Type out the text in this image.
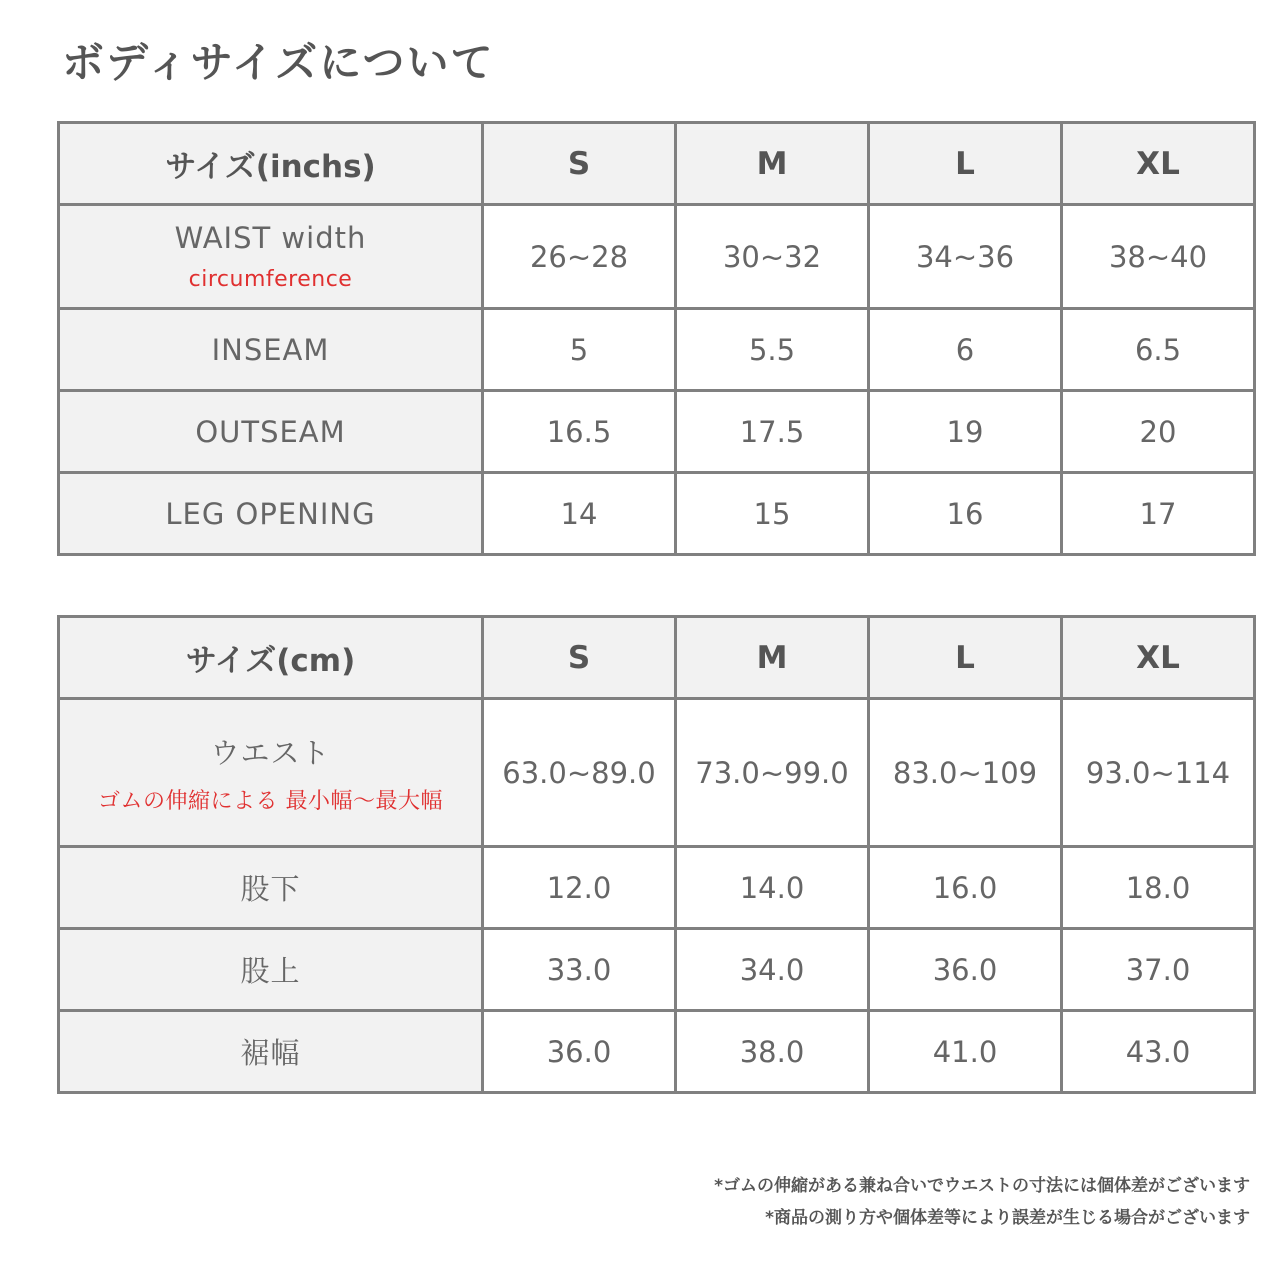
ボディサイズについて
サイズ(inchs)	S	M	L	XL
WAIST width
circumference	26~28	30~32	34~36	38~40
INSEAM	5	5.5	6	6.5
OUTSEAM	16.5	17.5	19	20
LEG OPENING	14	15	16	17
サイズ(cm)	S	M	L	XL
ウエスト
ゴムの伸縮による 最小幅～最大幅	63.0~89.0	73.0~99.0	83.0~109	93.0~114
股下	12.0	14.0	16.0	18.0
股上	33.0	34.0	36.0	37.0
裾幅	36.0	38.0	41.0	43.0
*ゴムの伸縮がある兼ね合いでウエストの寸法には個体差がございます
*商品の測り方や個体差等により誤差が生じる場合がございます
